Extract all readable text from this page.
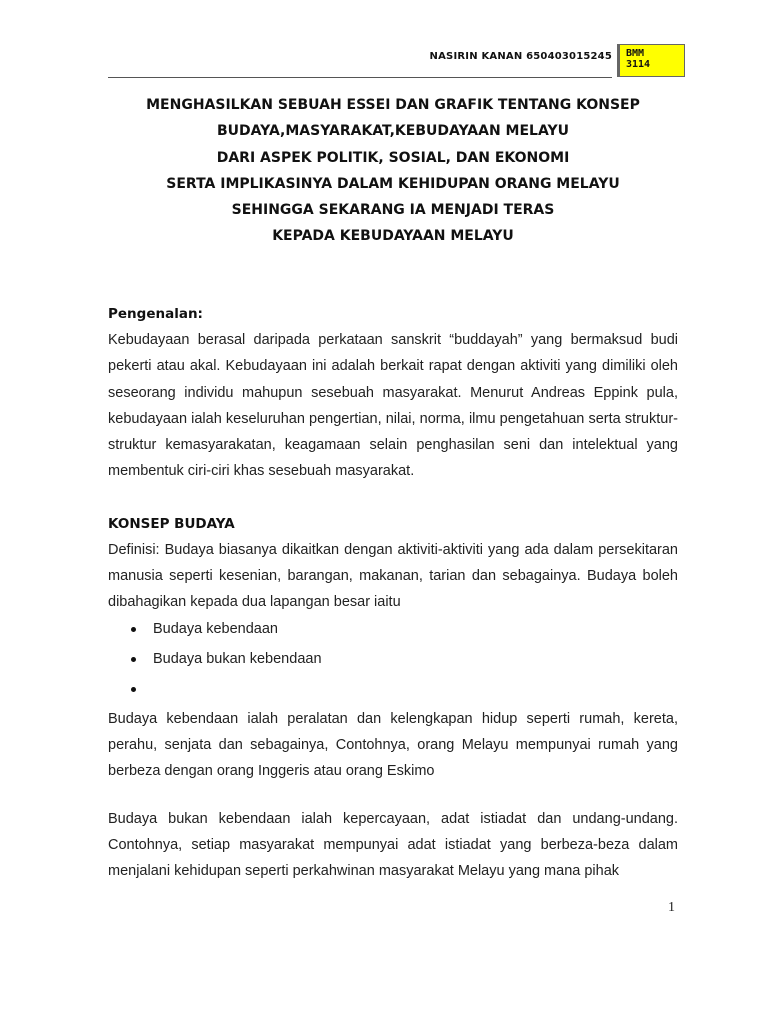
NASIRIN KANAN 650403015245 BMM
3114
MENGHASILKAN SEBUAH ESSEI DAN GRAFIK TENTANG KONSEP
BUDAYA,MASYARAKAT,KEBUDAYAAN MELAYU
DARI ASPEK POLITIK, SOSIAL, DAN EKONOMI
SERTA IMPLIKASINYA DALAM KEHIDUPAN ORANG MELAYU
SEHINGGA SEKARANG IA MENJADI TERAS
KEPADA KEBUDAYAAN MELAYU

Pengenalan:

Kebudayaan berasal daripada perkataan sanskrit “buddayah” yang bermaksud budi pekerti atau akal. Kebudayaan ini adalah berkait rapat dengan aktiviti yang dimiliki oleh seseorang individu mahupun sesebuah masyarakat. Menurut Andreas Eppink pula, kebudayaan ialah keseluruhan pengertian, nilai, norma, ilmu pengetahuan serta struktur-struktur kemasyarakatan, keagamaan selain penghasilan seni dan intelektual yang membentuk ciri-ciri khas sesebuah masyarakat.

KONSEP BUDAYA

Definisi: Budaya biasanya dikaitkan dengan aktiviti-aktiviti yang ada dalam persekitaran manusia seperti kesenian, barangan, makanan, tarian dan sebagainya. Budaya boleh dibahagikan kepada dua lapangan besar iaitu

Budaya kebendaan
Budaya bukan kebendaan

Budaya kebendaan ialah peralatan dan kelengkapan hidup seperti rumah, kereta, perahu, senjata dan sebagainya, Contohnya, orang Melayu mempunyai rumah yang berbeza dengan orang Inggeris atau orang Eskimo

Budaya bukan kebendaan ialah kepercayaan, adat istiadat dan undang-undang. Contohnya, setiap masyarakat mempunyai adat istiadat yang berbeza-beza dalam menjalani kehidupan seperti perkahwinan masyarakat Melayu yang mana pihak

1
